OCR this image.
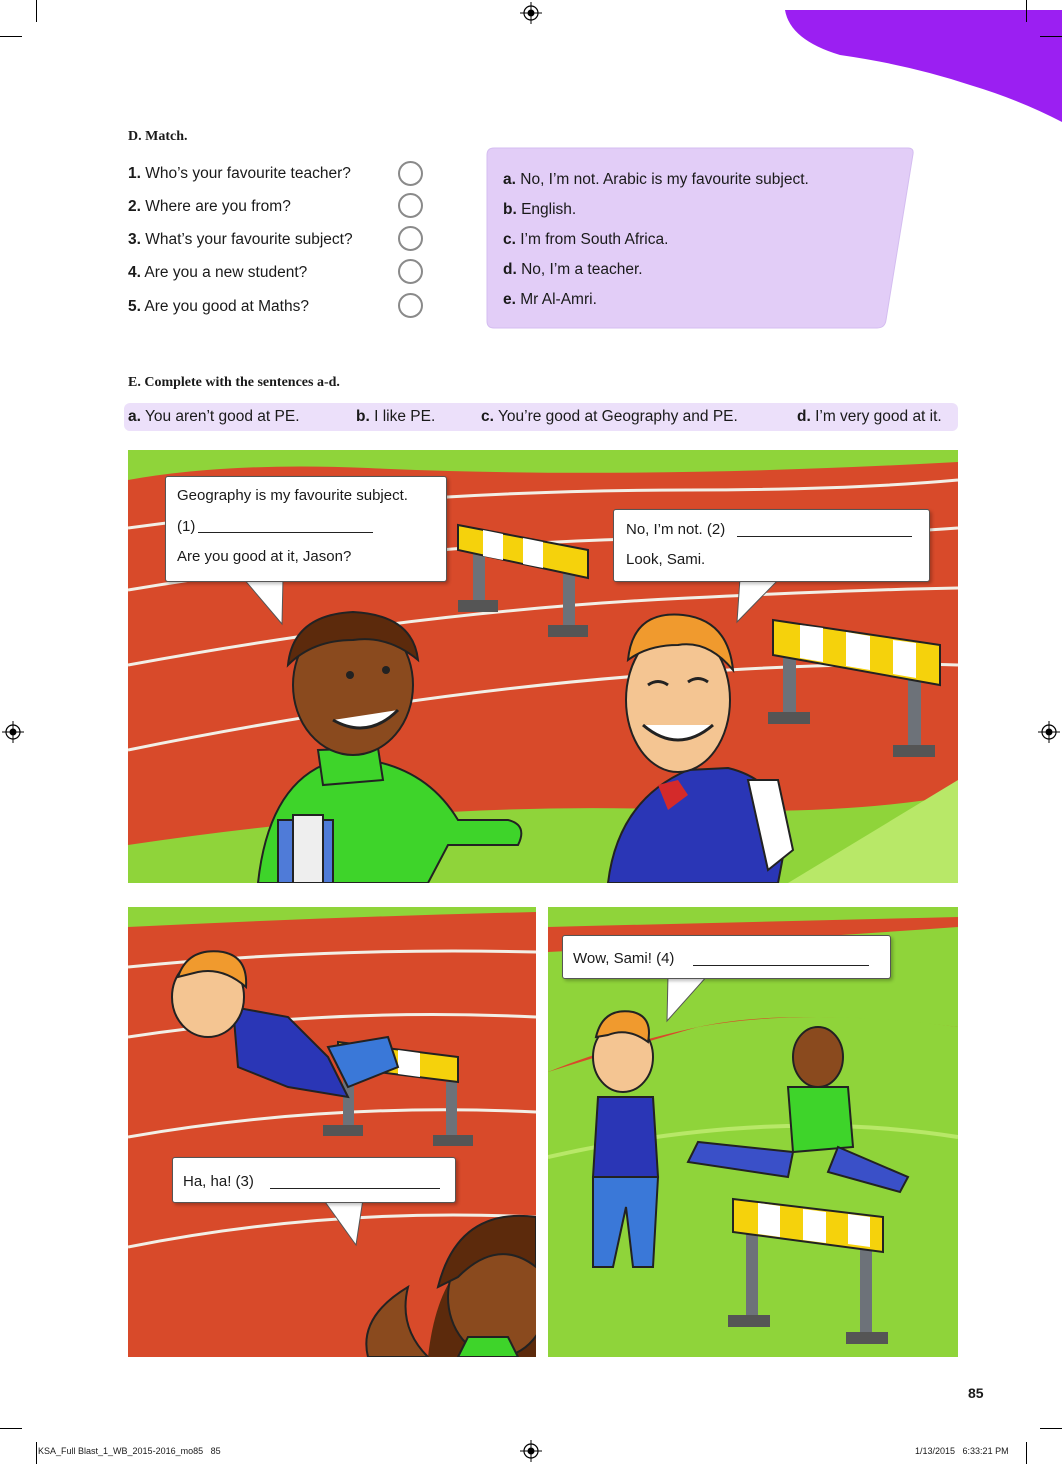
D. Match.
1. Who’s your favourite teacher?
2. Where are you from?
3. What’s your favourite subject?
4. Are you a new student?
5. Are you good at Maths?
a. No, I’m not. Arabic is my favourite subject.
b. English.
c. I’m from South Africa.
d. No, I’m a teacher.
e. Mr Al-Amri.
E. Complete with the sentences a-d.
a. You aren’t good at PE.	b. I like PE.	c. You’re good at Geography and PE.	d. I’m very good at it.
Geography is my favourite subject.
(1)
Are you good at it, Jason?
No, I’m not. (2)
Look, Sami.
Ha, ha! (3)
Wow, Sami! (4)
85
KSA_Full Blast_1_WB_2015-2016_mo85   85	1/13/2015   6:33:21 PM
